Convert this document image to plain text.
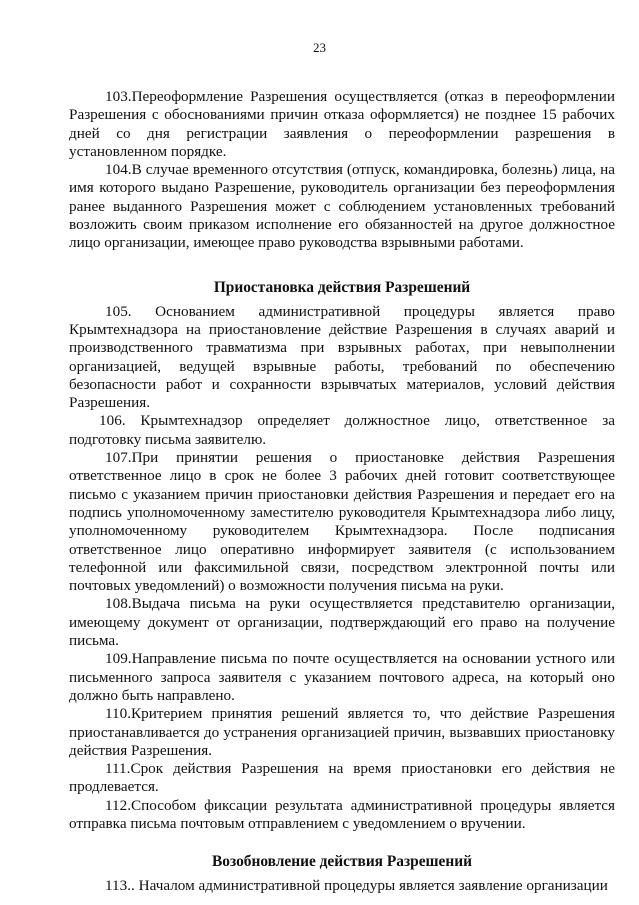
23

103.Переоформление Разрешения осуществляется (отказ в переоформлении Разрешения с обоснованиями причин отказа оформляется) не позднее 15 рабочих дней со дня регистрации заявления о переоформлении разрешения в установленном порядке.

104.В случае временного отсутствия (отпуск, командировка, болезнь) лица, на имя которого выдано Разрешение, руководитель организации без переоформления ранее выданного Разрешения может с соблюдением установленных требований возложить своим приказом исполнение его обязанностей на другое должностное лицо организации, имеющее право руководства взрывными работами.

Приостановка действия Разрешений

105. Основанием административной процедуры является право Крымтехнадзора на приостановление действие Разрешения в случаях аварий и производственного травматизма при взрывных работах, при невыполнении организацией, ведущей взрывные работы, требований по обеспечению безопасности работ и сохранности взрывчатых материалов, условий действия Разрешения.

106. Крымтехнадзор определяет должностное лицо, ответственное за подготовку письма заявителю.

107.При принятии решения о приостановке действия Разрешения ответственное лицо в срок не более 3 рабочих дней готовит соответствующее письмо с указанием причин приостановки действия Разрешения и передает его на подпись уполномоченному заместителю руководителя Крымтехнадзора либо лицу, уполномоченному руководителем Крымтехнадзора. После подписания ответственное лицо оперативно информирует заявителя (с использованием телефонной или факсимильной связи, посредством электронной почты или почтовых уведомлений) о возможности получения письма на руки.

108.Выдача письма на руки осуществляется представителю организации, имеющему документ от организации, подтверждающий его право на получение письма.

109.Направление письма по почте осуществляется на основании устного или письменного запроса заявителя с указанием почтового адреса, на который оно должно быть направлено.

110.Критерием принятия решений является то, что действие Разрешения приостанавливается до устранения организацией причин, вызвавших приостановку действия Разрешения.

111.Срок действия Разрешения на время приостановки его действия не продлевается.

112.Способом фиксации результата административной процедуры является отправка письма почтовым отправлением с уведомлением о вручении.

Возобновление действия Разрешений

113.. Началом административной процедуры является заявление организации
